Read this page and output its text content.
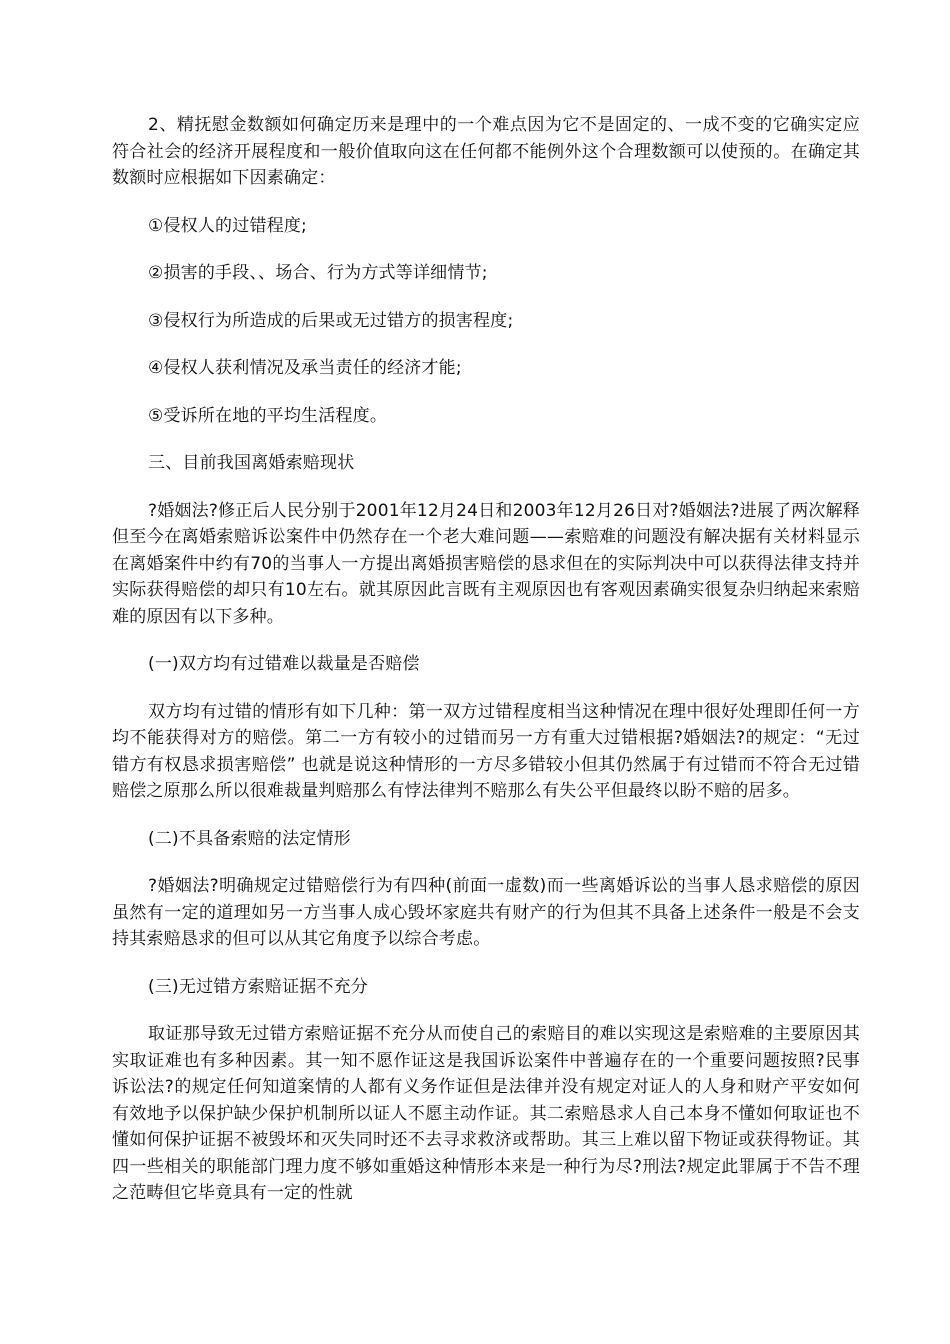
2、精抚慰金数额如何确定历来是理中的一个难点因为它不是固定的、一成不变的它确实定应符合社会的经济开展程度和一般价值取向这在任何都不能例外这个合理数额可以使预的。在确定其数额时应根据如下因素确定：

①侵权人的过错程度;
②损害的手段、、场合、行为方式等详细情节;
③侵权行为所造成的后果或无过错方的损害程度;
④侵权人获利情况及承当责任的经济才能;
⑤受诉所在地的平均生活程度。
三、目前我国离婚索赔现状

?婚姻法?修正后人民分别于2001年12月24日和2003年12月26日对?婚姻法?进展了两次解释但至今在离婚索赔诉讼案件中仍然存在一个老大难问题——索赔难的问题没有解决据有关材料显示在离婚案件中约有70的当事人一方提出离婚损害赔偿的恳求但在的实际判决中可以获得法律支持并实际获得赔偿的却只有10左右。就其原因此言既有主观原因也有客观因素确实很复杂归纳起来索赔难的原因有以下多种。

(一)双方均有过错难以裁量是否赔偿

双方均有过错的情形有如下几种：第一双方过错程度相当这种情况在理中很好处理即任何一方均不能获得对方的赔偿。第二一方有较小的过错而另一方有重大过错根据?婚姻法?的规定：“无过错方有权恳求损害赔偿” 也就是说这种情形的一方尽多错较小但其仍然属于有过错而不符合无过错赔偿之原那么所以很难裁量判赔那么有悖法律判不赔那么有失公平但最终以盼不赔的居多。

(二)不具备索赔的法定情形

?婚姻法?明确规定过错赔偿行为有四种(前面一虚数)而一些离婚诉讼的当事人恳求赔偿的原因虽然有一定的道理如另一方当事人成心毁坏家庭共有财产的行为但其不具备上述条件一般是不会支持其索赔恳求的但可以从其它角度予以综合考虑。

(三)无过错方索赔证据不充分

取证那导致无过错方索赔证据不充分从而使自己的索赔目的难以实现这是索赔难的主要原因其实取证难也有多种因素。其一知不愿作证这是我国诉讼案件中普遍存在的一个重要问题按照?民事诉讼法?的规定任何知道案情的人都有义务作证但是法律并没有规定对证人的人身和财产平安如何有效地予以保护缺少保护机制所以证人不愿主动作证。其二索赔恳求人自己本身不懂如何取证也不懂如何保护证据不被毁坏和灭失同时还不去寻求救济或帮助。其三上难以留下物证或获得物证。其四一些相关的职能部门理力度不够如重婚这种情形本来是一种行为尽?刑法?规定此罪属于不告不理之范畴但它毕竟具有一定的性就
